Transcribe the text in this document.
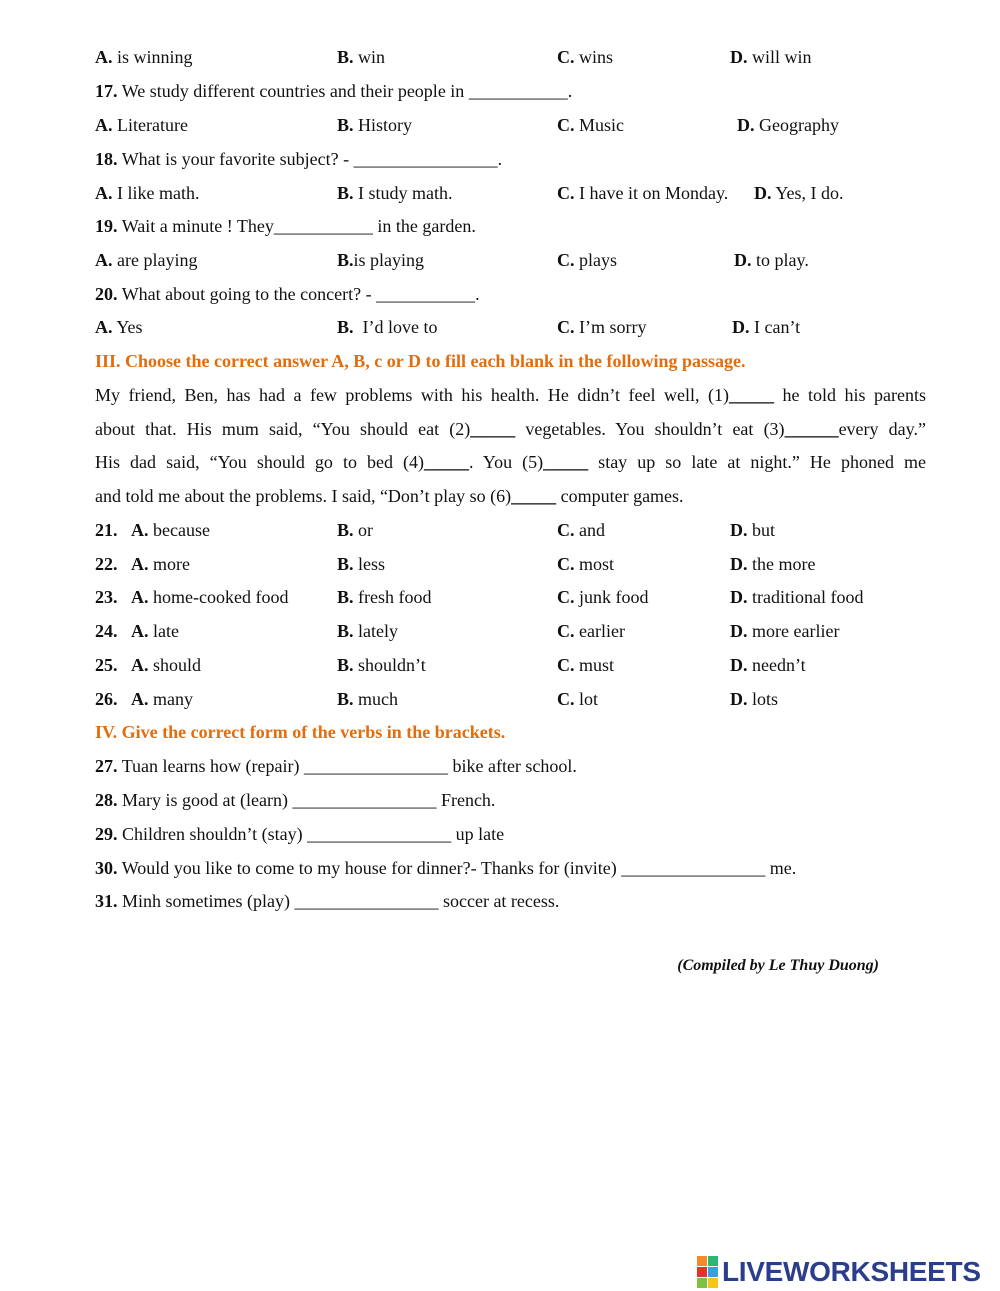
A. is winning	B. win	C. wins	D. will win
17. We study different countries and their people in ___________.
A. Literature	B. History	C. Music	D. Geography
18. What is your favorite subject? - ________________.
A. I like math.	B. I study math.	C. I have it on Monday. D. Yes, I do.
19. Wait a minute ! They___________ in the garden.
A. are playing	B.is playing	C. plays	D. to play.
20. What about going to the concert? - ___________.
A. Yes	B. I’d love to	C. I’m sorry	D. I can’t
III. Choose the correct answer A, B, c or D to fill each blank in the following passage.
My friend, Ben, has had a few problems with his health. He didn’t feel well, (1)_____ he told his parents
about that. His mum said, “You should eat (2)_____ vegetables. You shouldn’t eat (3)______every day.”
His dad said, “You should go to bed (4)_____. You (5)_____ stay up so late at night.” He phoned me
and told me about the problems. I said, “Don’t play so (6)_____ computer games.
21. A. because	B. or	C. and	D. but
22. A. more	B. less	C. most	D. the more
23. A. home-cooked food	B. fresh food	C. junk food	D. traditional food
24. A. late	B. lately	C. earlier	D. more earlier
25. A. should	B. shouldn’t	C. must	D. needn’t
26. A. many	B. much	C. lot	D. lots
IV. Give the correct form of the verbs in the brackets.
27. Tuan learns how (repair) ________________ bike after school.
28. Mary is good at (learn) ________________ French.
29. Children shouldn’t (stay) ________________ up late
30. Would you like to come to my house for dinner?- Thanks for (invite) ________________ me.
31. Minh sometimes (play) ________________ soccer at recess.
(Compiled by Le Thuy Duong)
LIVEWORKSHEETS
